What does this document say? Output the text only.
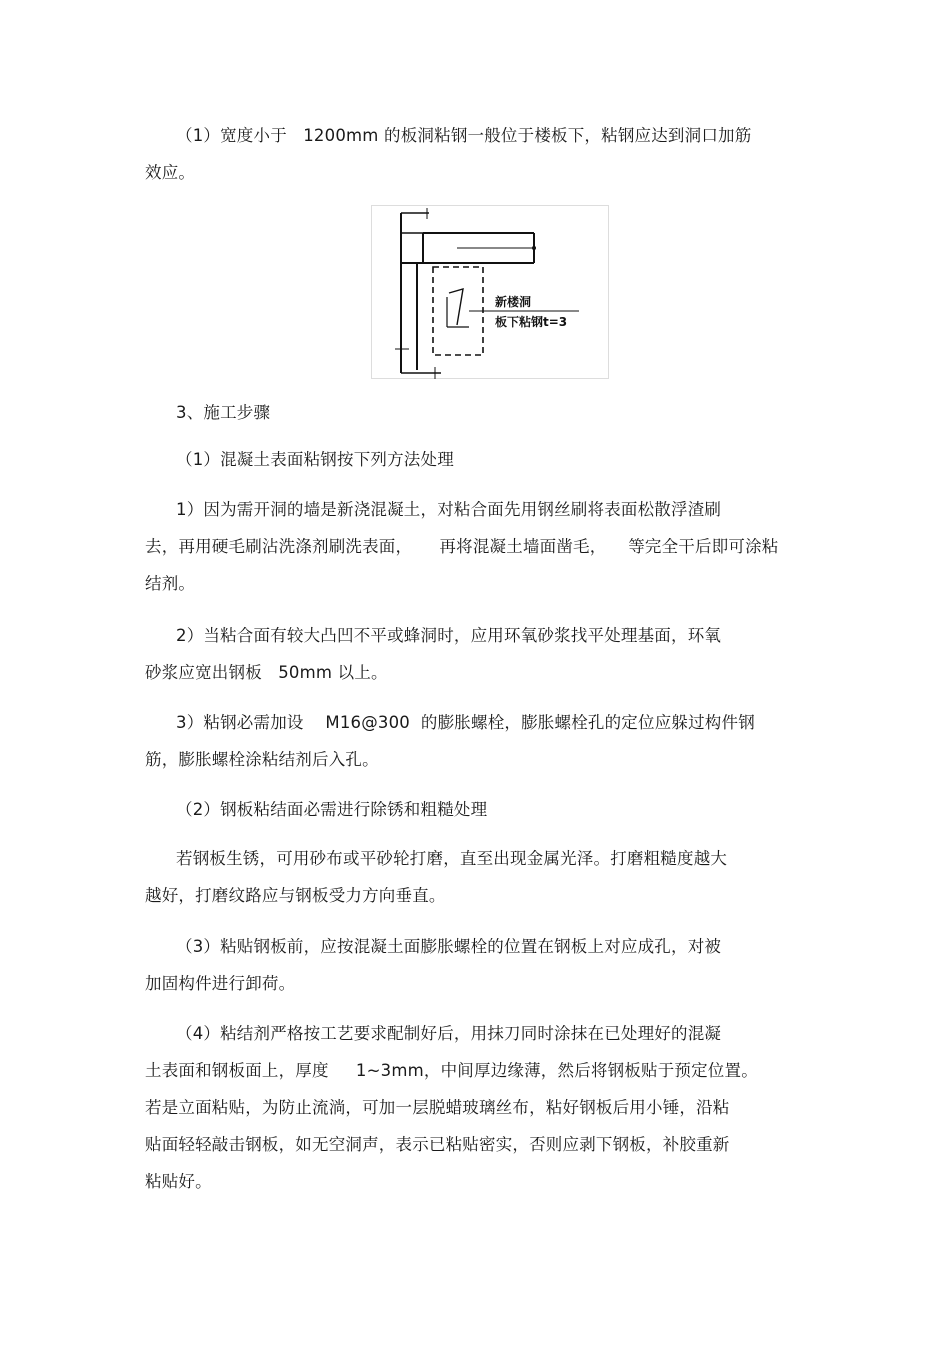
（1）宽度小于   1200mm 的板洞粘钢一般位于楼板下，粘钢应达到洞口加筋
效应。
新楼洞
板下粘钢t=3
3、施工步骤
（1）混凝土表面粘钢按下列方法处理
1）因为需开洞的墙是新浇混凝土，对粘合面先用钢丝刷将表面松散浮渣刷
去，再用硬毛刷沾洗涤剂刷洗表面，     再将混凝土墙面凿毛，    等完全干后即可涂粘
结剂。
2）当粘合面有较大凸凹不平或蜂洞时，应用环氧砂浆找平处理基面，环氧
砂浆应宽出钢板   50mm 以上。
3）粘钢必需加设    M16@300  的膨胀螺栓，膨胀螺栓孔的定位应躲过构件钢
筋，膨胀螺栓涂粘结剂后入孔。
（2）钢板粘结面必需进行除锈和粗糙处理
若钢板生锈，可用砂布或平砂轮打磨，直至出现金属光泽。打磨粗糙度越大
越好，打磨纹路应与钢板受力方向垂直。
（3）粘贴钢板前，应按混凝土面膨胀螺栓的位置在钢板上对应成孔，对被
加固构件进行卸荷。
（4）粘结剂严格按工艺要求配制好后，用抹刀同时涂抹在已处理好的混凝
土表面和钢板面上，厚度     1~3mm，中间厚边缘薄，然后将钢板贴于预定位置。
若是立面粘贴，为防止流淌，可加一层脱蜡玻璃丝布，粘好钢板后用小锤，沿粘
贴面轻轻敲击钢板，如无空洞声，表示已粘贴密实，否则应剥下钢板，补胶重新
粘贴好。
